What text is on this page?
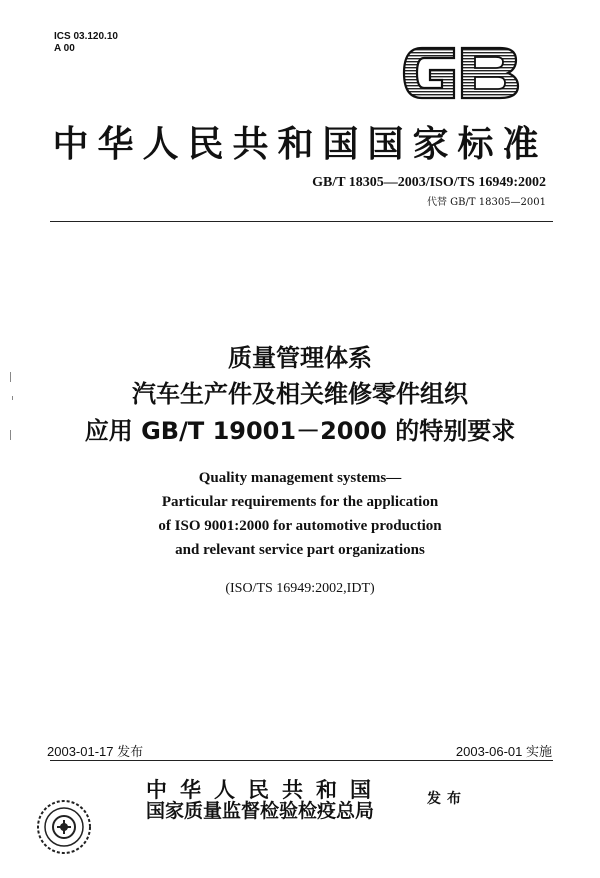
ICS 03.120.10
A 00
中华人民共和国国家标准
GB/T 18305—2003/ISO/TS 16949:2002
代替 GB/T 18305—2001
质量管理体系
汽车生产件及相关维修零件组织
应用 GB/T 19001－2000 的特别要求
Quality management systems—
Particular requirements for the application
of ISO 9001:2000 for automotive production
and relevant service part organizations
(ISO/TS 16949:2002,IDT)
2003-01-17 发布	2003-06-01 实施
中华人民共和国
国家质量监督检验检疫总局
发布
